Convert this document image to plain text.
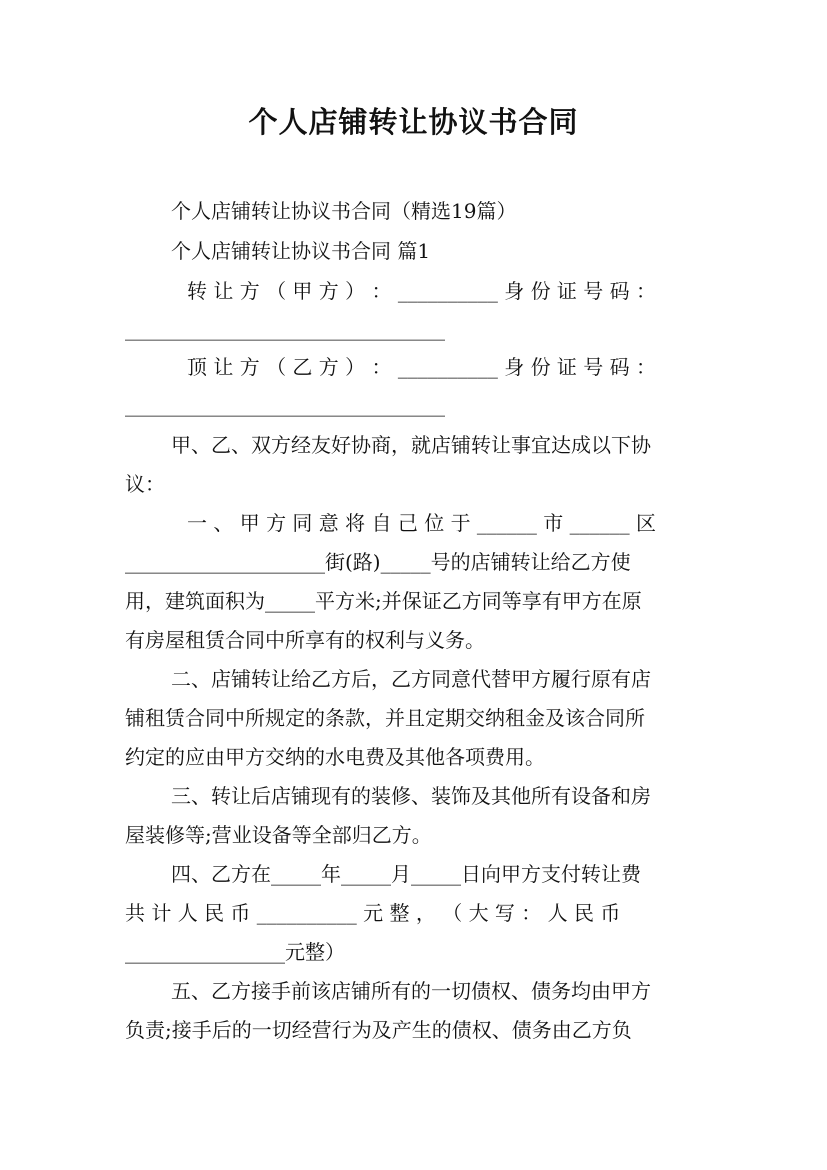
个人店铺转让协议书合同
个人店铺转让协议书合同（精选19篇）
个人店铺转让协议书合同 篇1
转 让 方 （ 甲 方 ） ： __________ 身 份 证 号 码 ：
________________________________
顶 让 方 （ 乙 方 ） ： __________ 身 份 证 号 码 ：
________________________________
甲、乙、双方经友好协商，就店铺转让事宜达成以下协
议：
一 、 甲 方 同 意 将 自 己 位 于 ______ 市 ______ 区
____________________街(路)_____号的店铺转让给乙方使
用，建筑面积为_____平方米;并保证乙方同等享有甲方在原
有房屋租赁合同中所享有的权利与义务。
二、店铺转让给乙方后，乙方同意代替甲方履行原有店
铺租赁合同中所规定的条款，并且定期交纳租金及该合同所
约定的应由甲方交纳的水电费及其他各项费用。
三、转让后店铺现有的装修、装饰及其他所有设备和房
屋装修等;营业设备等全部归乙方。
四、乙方在_____年_____月_____日向甲方支付转让费
共 计 人 民 币 __________ 元 整 ， （ 大 写 ： 人 民 币
________________元整）
五、乙方接手前该店铺所有的一切债权、债务均由甲方
负责;接手后的一切经营行为及产生的债权、债务由乙方负
